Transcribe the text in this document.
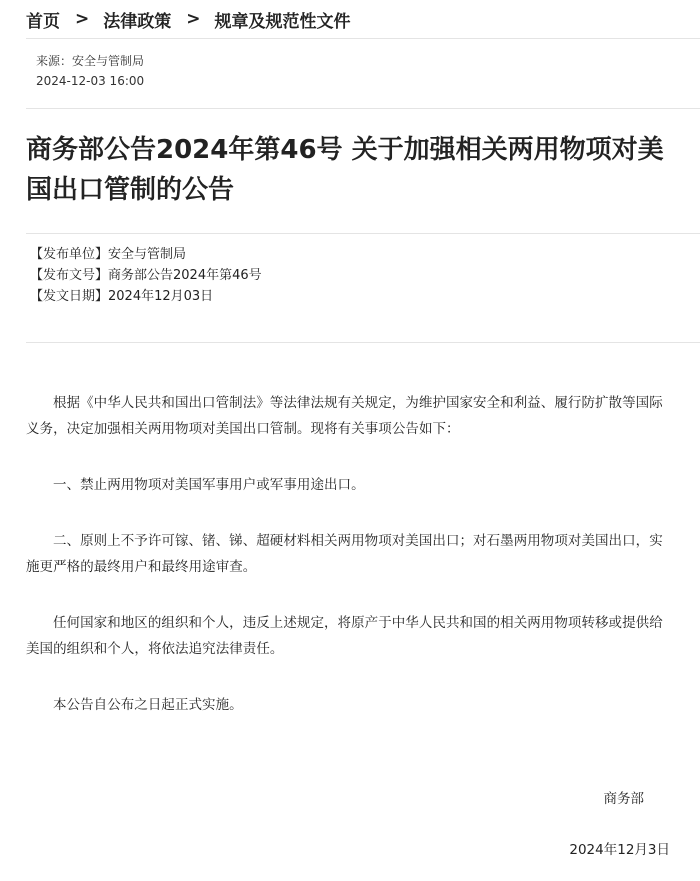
首页 > 法律政策 > 规章及规范性文件
来源：安全与管制局
2024-12-03 16:00
商务部公告2024年第46号 关于加强相关两用物项对美国出口管制的公告
【发布单位】安全与管制局
【发布文号】商务部公告2024年第46号
【发文日期】2024年12月03日

根据《中华人民共和国出口管制法》等法律法规有关规定，为维护国家安全和利益、履行防扩散等国际义务，决定加强相关两用物项对美国出口管制。现将有关事项公告如下：

一、禁止两用物项对美国军事用户或军事用途出口。

二、原则上不予许可镓、锗、锑、超硬材料相关两用物项对美国出口；对石墨两用物项对美国出口，实施更严格的最终用户和最终用途审查。

任何国家和地区的组织和个人，违反上述规定，将原产于中华人民共和国的相关两用物项转移或提供给美国的组织和个人，将依法追究法律责任。

本公告自公布之日起正式实施。

商务部
2024年12月3日
